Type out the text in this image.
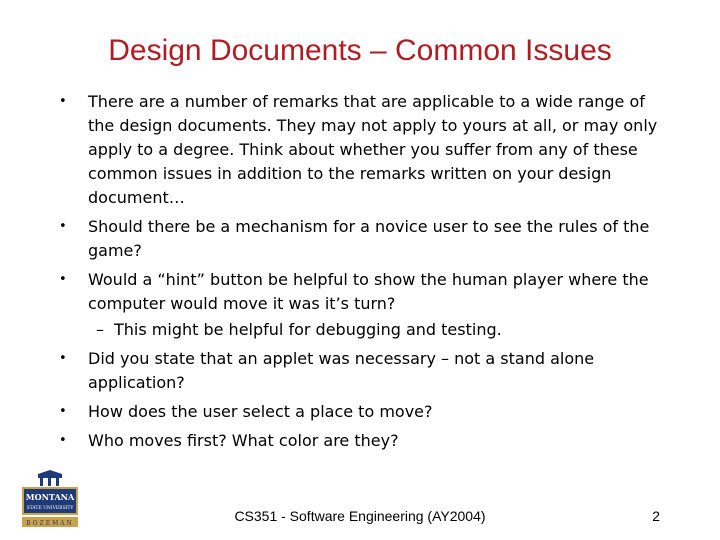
Design Documents – Common Issues
• There are a number of remarks that are applicable to a wide range of the design documents. They may not apply to yours at all, or may only apply to a degree. Think about whether you suffer from any of these common issues in addition to the remarks written on your design document…
• Should there be a mechanism for a novice user to see the rules of the game?
• Would a “hint” button be helpful to show the human player where the computer would move it was it’s turn?
– This might be helpful for debugging and testing.
• Did you state that an applet was necessary – not a stand alone application?
• How does the user select a place to move?
• Who moves first? What color are they?
MONTANA
STATE UNIVERSITY
BOZEMAN	CS351 - Software Engineering (AY2004)	2
